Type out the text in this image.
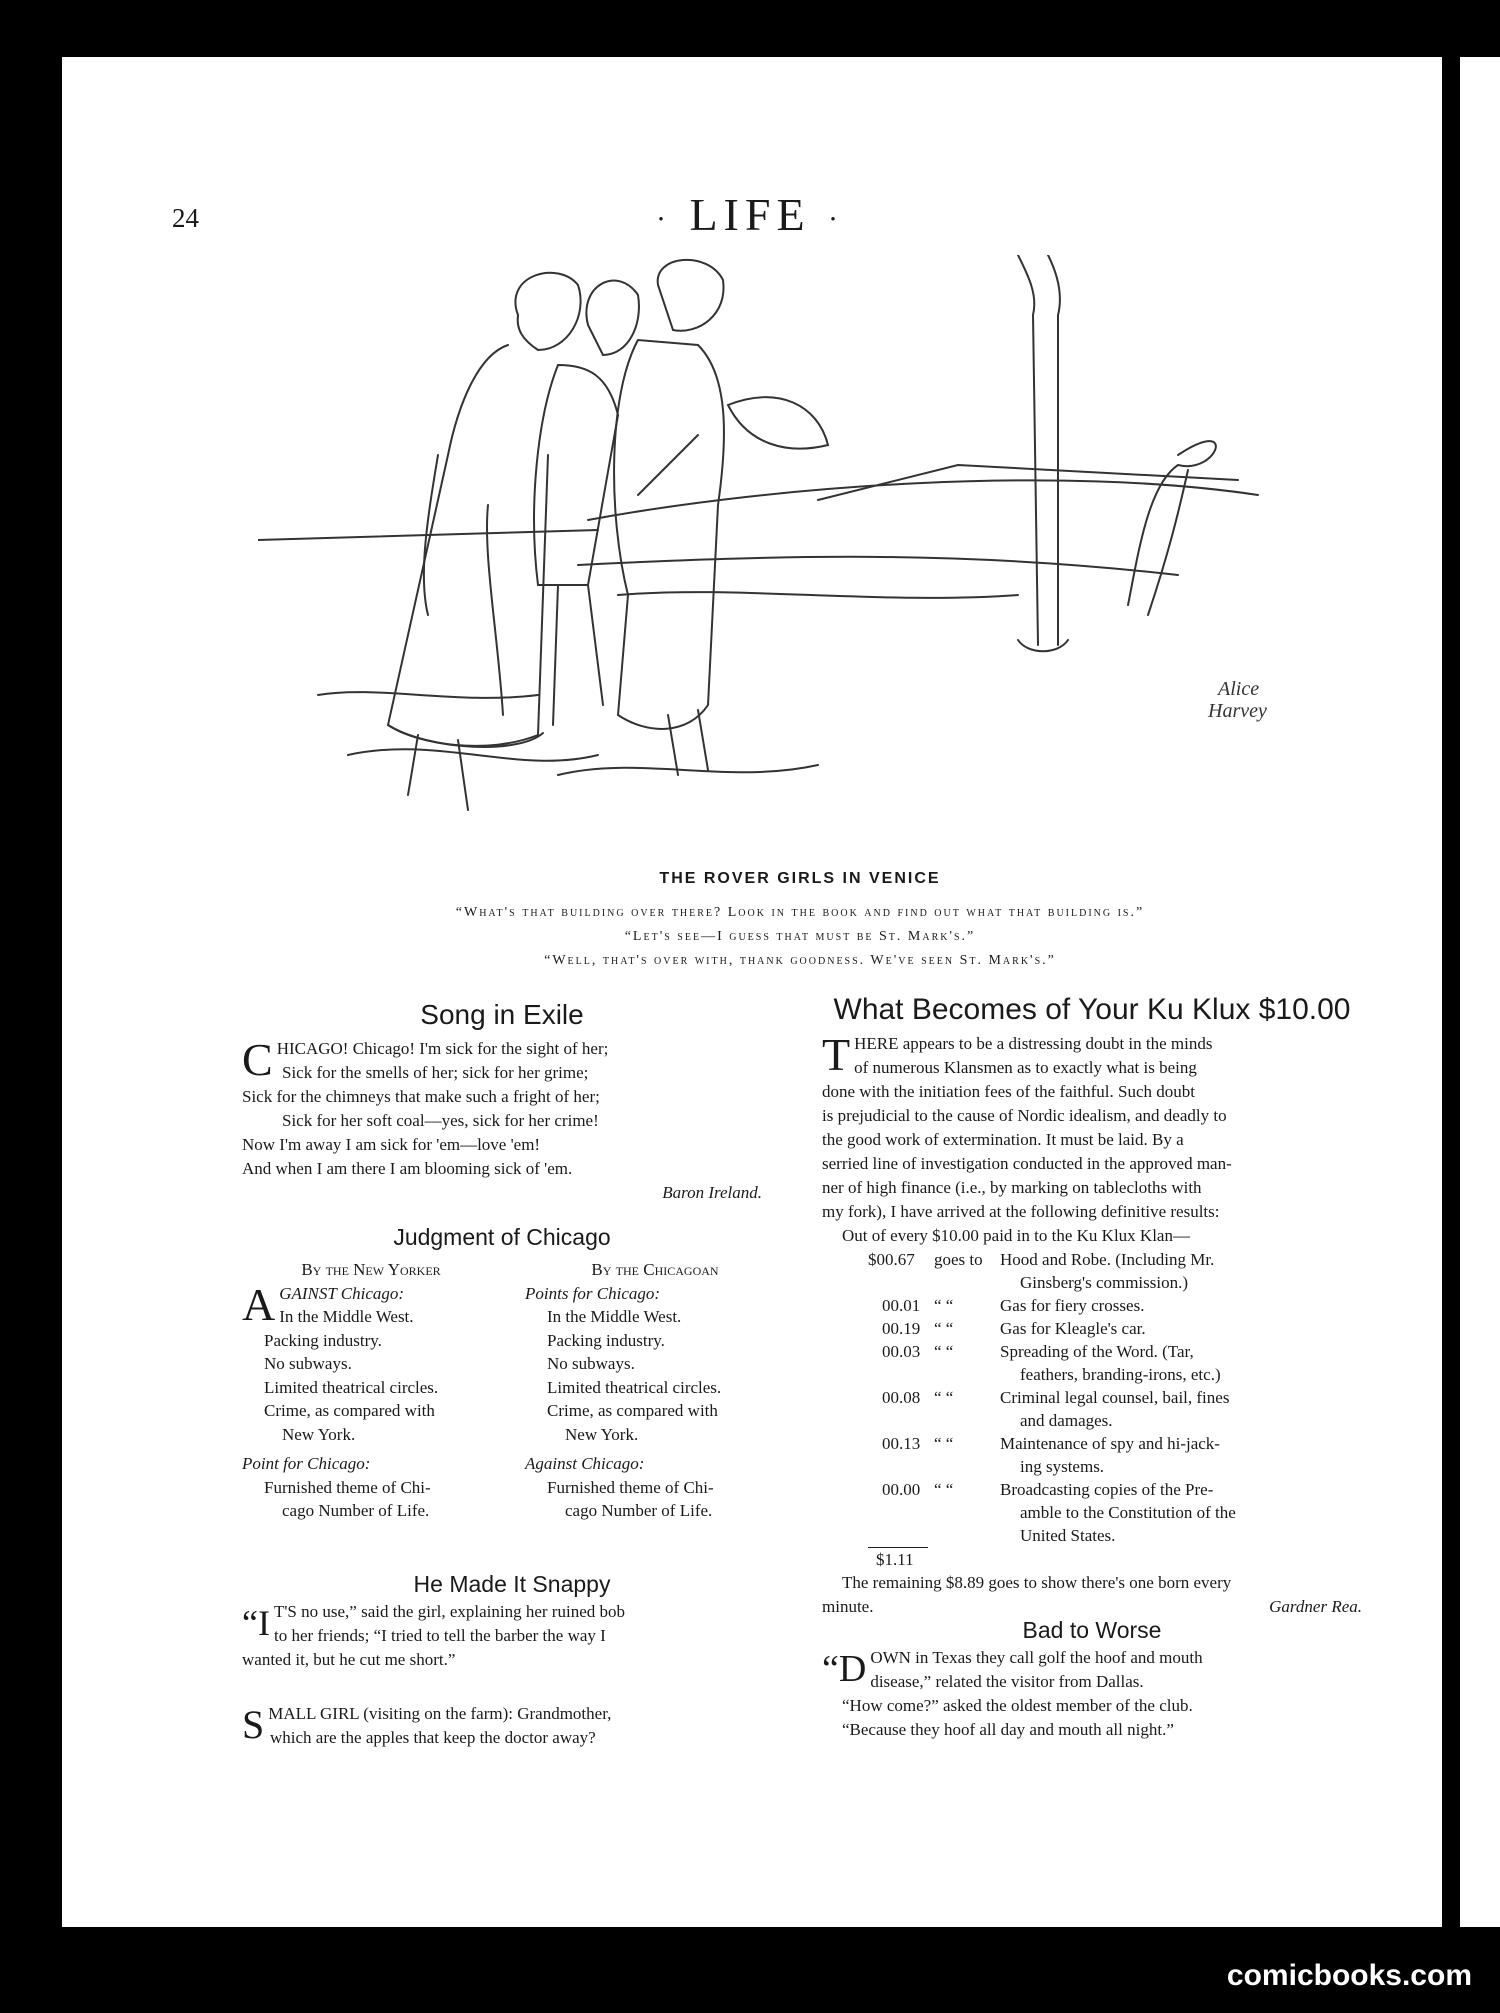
24	· LIFE ·
Alice
Harvey
THE ROVER GIRLS IN VENICE
“What's that building over there? Look in the book and find out what that building is.”
“Let's see—I guess that must be St. Mark's.”
“Well, that's over with, thank goodness. We've seen St. Mark's.”
Song in Exile
C HICAGO! Chicago! I'm sick for the sight of her;
Sick for the smells of her; sick for her grime;
Sick for the chimneys that make such a fright of her;
Sick for her soft coal—yes, sick for her crime!
Now I'm away I am sick for 'em—love 'em!
And when I am there I am blooming sick of 'em.
Baron Ireland.
Judgment of Chicago
By the New Yorker
A GAINST Chicago:
In the Middle West.
Packing industry.
No subways.
Limited theatrical circles.
Crime, as compared with
New York.
Point for Chicago:
Furnished theme of Chi-
cago Number of Life.
By the Chicagoan
Points for Chicago:
In the Middle West.
Packing industry.
No subways.
Limited theatrical circles.
Crime, as compared with
New York.
Against Chicago:
Furnished theme of Chi-
cago Number of Life.
He Made It Snappy
“I T'S no use,” said the girl, explaining her ruined bob
to her friends; “I tried to tell the barber the way I
wanted it, but he cut me short.”
S MALL GIRL (visiting on the farm): Grandmother,
which are the apples that keep the doctor away?
What Becomes of Your Ku Klux $10.00
T HERE appears to be a distressing doubt in the minds
of numerous Klansmen as to exactly what is being
done with the initiation fees of the faithful. Such doubt
is prejudicial to the cause of Nordic idealism, and deadly to
the good work of extermination. It must be laid. By a
serried line of investigation conducted in the approved man-
ner of high finance (i.e., by marking on tablecloths with
my fork), I have arrived at the following definitive results:
Out of every $10.00 paid in to the Ku Klux Klan—
$00.67	goes to	Hood and Robe. (Including Mr.
Ginsberg's commission.)

00.01	“ “	Gas for fiery crosses.
00.19	“ “	Gas for Kleagle's car.
00.03	“ “	Spreading of the Word. (Tar,
feathers, branding-irons, etc.)

00.08	“ “	Criminal legal counsel, bail, fines
and damages.

00.13	“ “	Maintenance of spy and hi-jack-
ing systems.

00.00	“ “	Broadcasting copies of the Pre-
amble to the Constitution of the
United States.

$1.11		
The remaining $8.89 goes to show there's one born every
minute.	Gardner Rea.
Bad to Worse
“D OWN in Texas they call golf the hoof and mouth
disease,” related the visitor from Dallas.
“How come?” asked the oldest member of the club.
“Because they hoof all day and mouth all night.”
comicbooks.com
